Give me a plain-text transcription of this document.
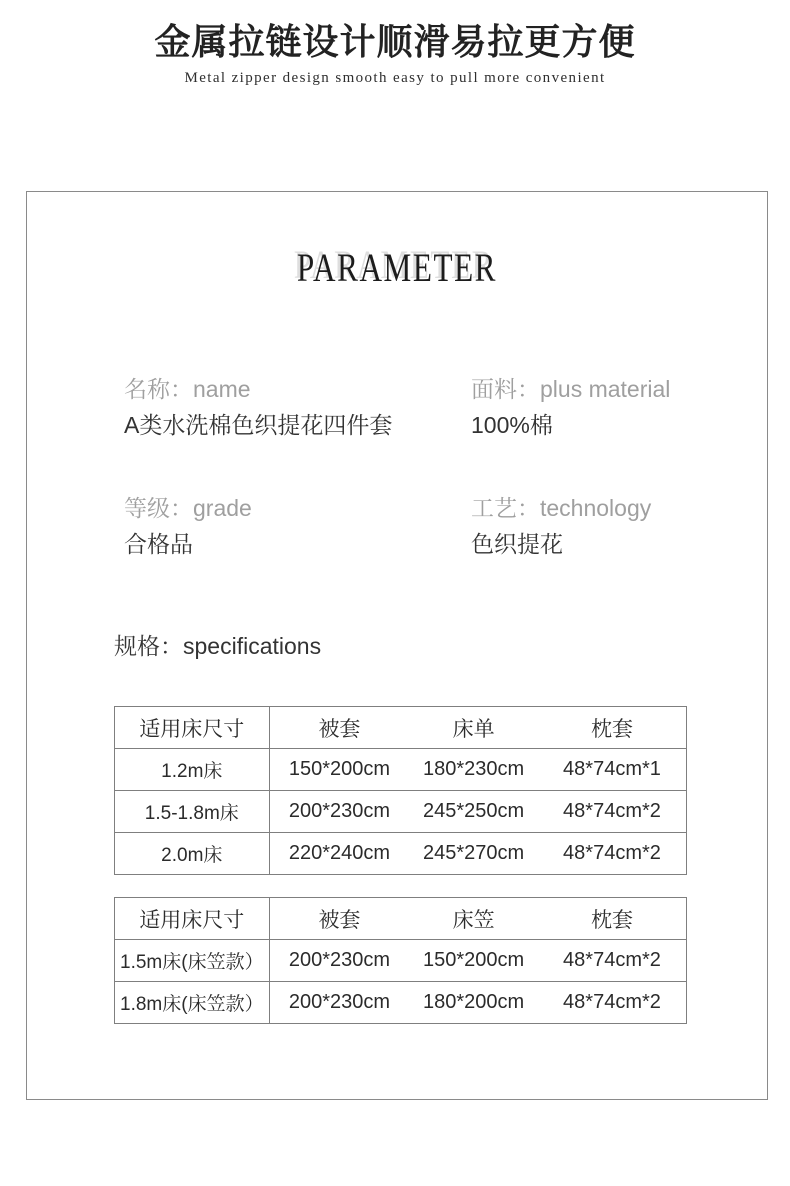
金属拉链设计顺滑易拉更方便

Metal zipper design smooth easy to pull more convenient

PARAMETER
名称：name
A类水洗棉色织提花四件套
面料：plus material
100%棉
等级：grade
合格品
工艺：technology
色织提花
规格：specifications
适用床尺寸	被套	床单	枕套
1.2m床	150*200cm	180*230cm	48*74cm*1
1.5-1.8m床	200*230cm	245*250cm	48*74cm*2
2.0m床	220*240cm	245*270cm	48*74cm*2
适用床尺寸	被套	床笠	枕套
1.5m床(床笠款）	200*230cm	150*200cm	48*74cm*2
1.8m床(床笠款）	200*230cm	180*200cm	48*74cm*2
